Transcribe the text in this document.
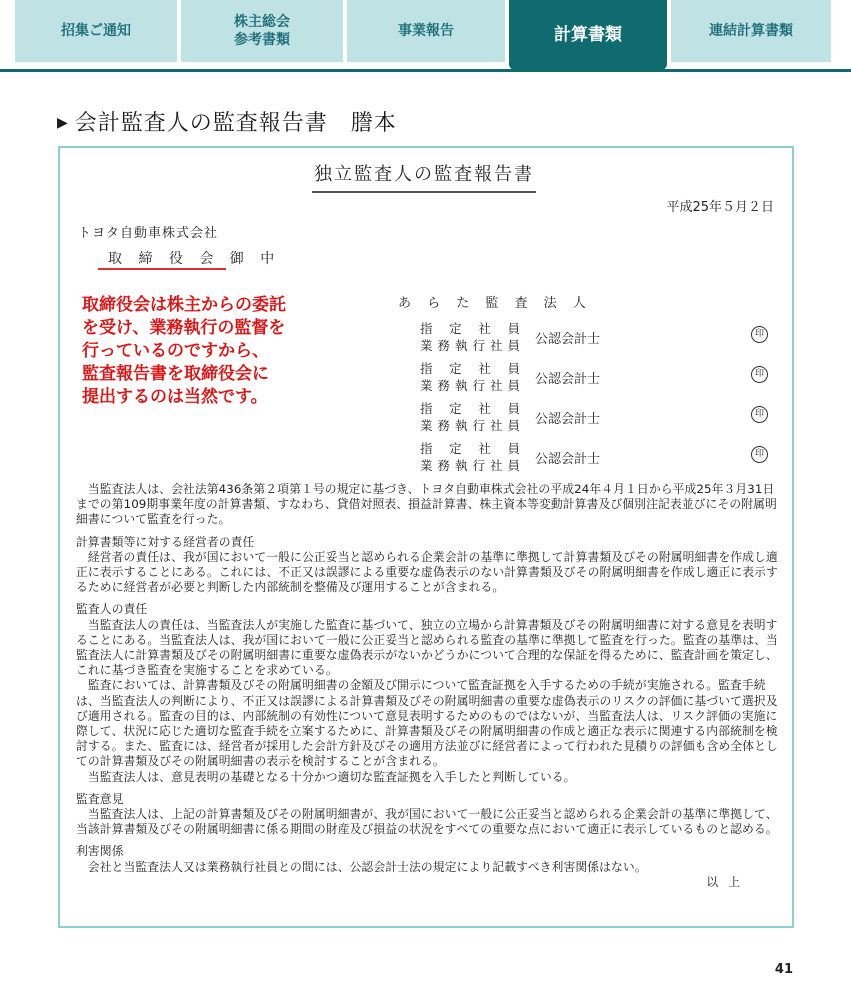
招集ご通知
株主総会
参考書類
事業報告	計算書類	連結計算書類
▶ 会計監査人の監査報告書　謄本
独立監査人の監査報告書
平成25年５月２日
トヨタ自動車株式会社
取 締 役 会 御 中
取締役会は株主からの委託
を受け、業務執行の監督を
行っているのですから、
監査報告書を取締役会に
提出するのは当然です。
あ ら た 監 査 法 人
指定社員
業務執行社員 公認会計士	印
指定社員
業務執行社員 公認会計士	印
指定社員
業務執行社員 公認会計士	印
指定社員
業務執行社員 公認会計士	印

当監査法人は、会社法第436条第２項第１号の規定に基づき、トヨタ自動車株式会社の平成24年４月１日から平成25年３月31日までの第109期事業年度の計算書類、すなわち、貸借対照表、損益計算書、株主資本等変動計算書及び個別注記表並びにその附属明細書について監査を行った。

計算書類等に対する経営者の責任

経営者の責任は、我が国において一般に公正妥当と認められる企業会計の基準に準拠して計算書類及びその附属明細書を作成し適正に表示することにある。これには、不正又は誤謬による重要な虚偽表示のない計算書類及びその附属明細書を作成し適正に表示するために経営者が必要と判断した内部統制を整備及び運用することが含まれる。

監査人の責任

当監査法人の責任は、当監査法人が実施した監査に基づいて、独立の立場から計算書類及びその附属明細書に対する意見を表明することにある。当監査法人は、我が国において一般に公正妥当と認められる監査の基準に準拠して監査を行った。監査の基準は、当監査法人に計算書類及びその附属明細書に重要な虚偽表示がないかどうかについて合理的な保証を得るために、監査計画を策定し、これに基づき監査を実施することを求めている。

監査においては、計算書類及びその附属明細書の金額及び開示について監査証拠を入手するための手続が実施される。監査手続は、当監査法人の判断により、不正又は誤謬による計算書類及びその附属明細書の重要な虚偽表示のリスクの評価に基づいて選択及び適用される。監査の目的は、内部統制の有効性について意見表明するためのものではないが、当監査法人は、リスク評価の実施に際して、状況に応じた適切な監査手続を立案するために、計算書類及びその附属明細書の作成と適正な表示に関連する内部統制を検討する。また、監査には、経営者が採用した会計方針及びその適用方法並びに経営者によって行われた見積りの評価も含め全体としての計算書類及びその附属明細書の表示を検討することが含まれる。

当監査法人は、意見表明の基礎となる十分かつ適切な監査証拠を入手したと判断している。

監査意見

当監査法人は、上記の計算書類及びその附属明細書が、我が国において一般に公正妥当と認められる企業会計の基準に準拠して、当該計算書類及びその附属明細書に係る期間の財産及び損益の状況をすべての重要な点において適正に表示しているものと認める。

利害関係

会社と当監査法人又は業務執行社員との間には、公認会計士法の規定により記載すべき利害関係はない。

以上
41
